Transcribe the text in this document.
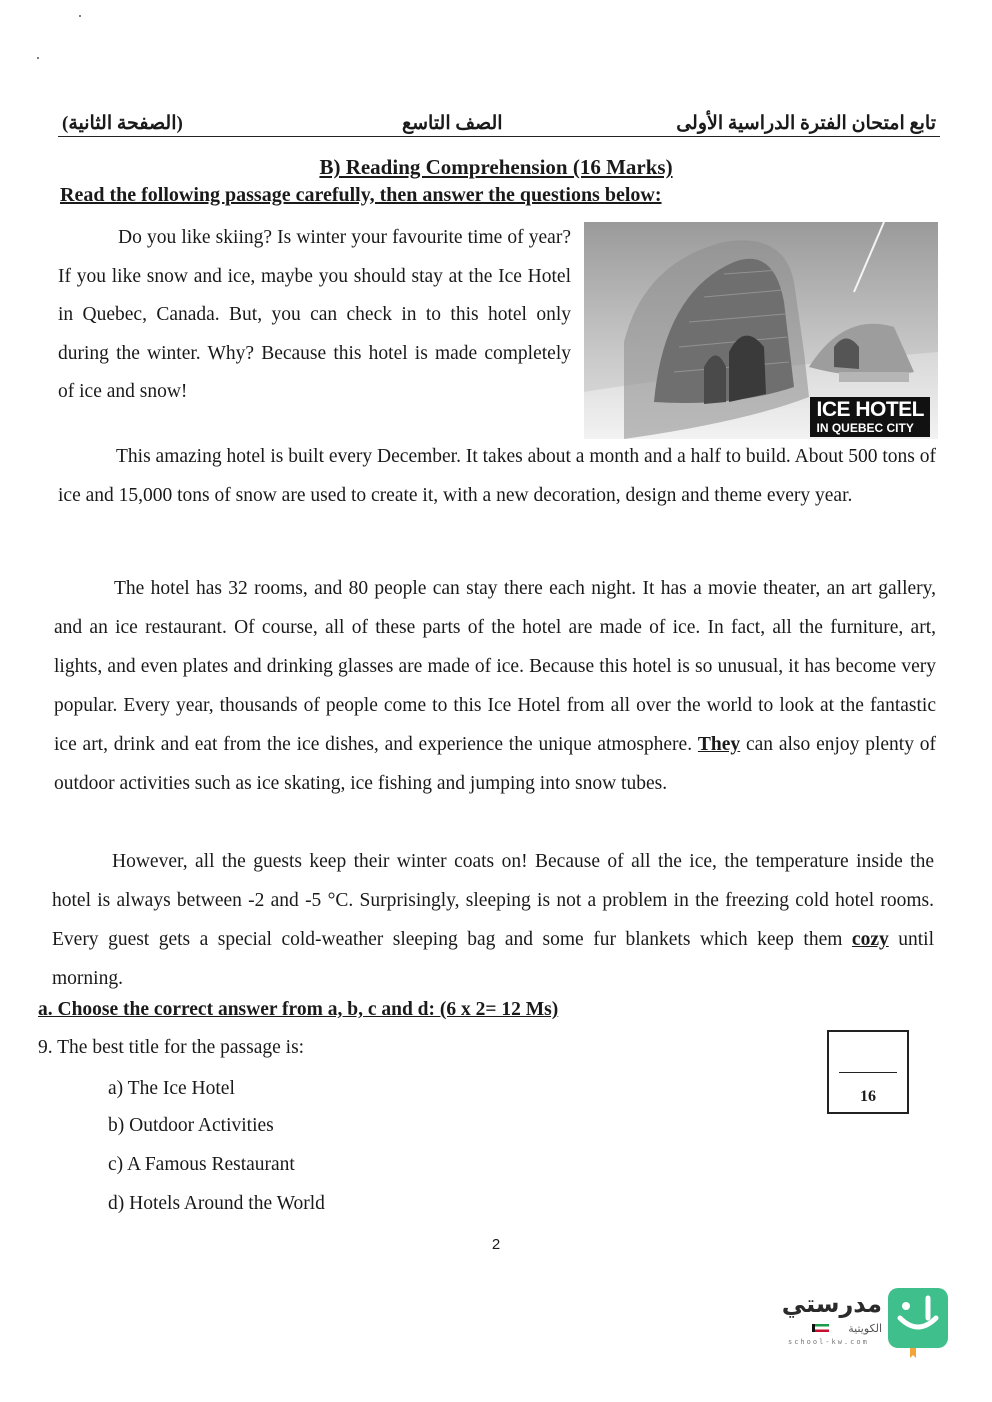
تابع امتحان الفترة الدراسية الأولى
الصف التاسع
(الصفحة الثانية)
B) Reading Comprehension (16 Marks)
Read the following passage carefully, then answer the questions below:
Do you like skiing? Is winter your favourite time of year? If you like snow and ice, maybe you should stay at the Ice Hotel in Quebec, Canada. But, you can check in to this hotel only during the winter. Why? Because this hotel is made completely of ice and snow!
ICE HOTEL
IN QUEBEC CITY
This amazing hotel is built every December. It takes about a month and a half to build. About 500 tons of ice and 15,000 tons of snow are used to create it, with a new decoration, design and theme every year.
The hotel has 32 rooms, and 80 people can stay there each night. It has a movie theater, an art gallery, and an ice restaurant. Of course, all of these parts of the hotel are made of ice. In fact, all the furniture, art, lights, and even plates and drinking glasses are made of ice. Because this hotel is so unusual, it has become very popular. Every year, thousands of people come to this Ice Hotel from all over the world to look at the fantastic ice art, drink and eat from the ice dishes, and experience the unique atmosphere. They can also enjoy plenty of outdoor activities such as ice skating, ice fishing and jumping into snow tubes.
However, all the guests keep their winter coats on! Because of all the ice, the temperature inside the hotel is always between -2 and -5 °C. Surprisingly, sleeping is not a problem in the freezing cold hotel rooms. Every guest gets a special cold-weather sleeping bag and some fur blankets which keep them cozy until morning.
a. Choose the correct answer from a, b, c and d: (6 x 2= 12 Ms)
9. The best title for the passage is:
a) The Ice Hotel
b) Outdoor Activities
c) A Famous Restaurant
d) Hotels Around the World
16
2
مدرستي
الكويتية
school-kw.com
